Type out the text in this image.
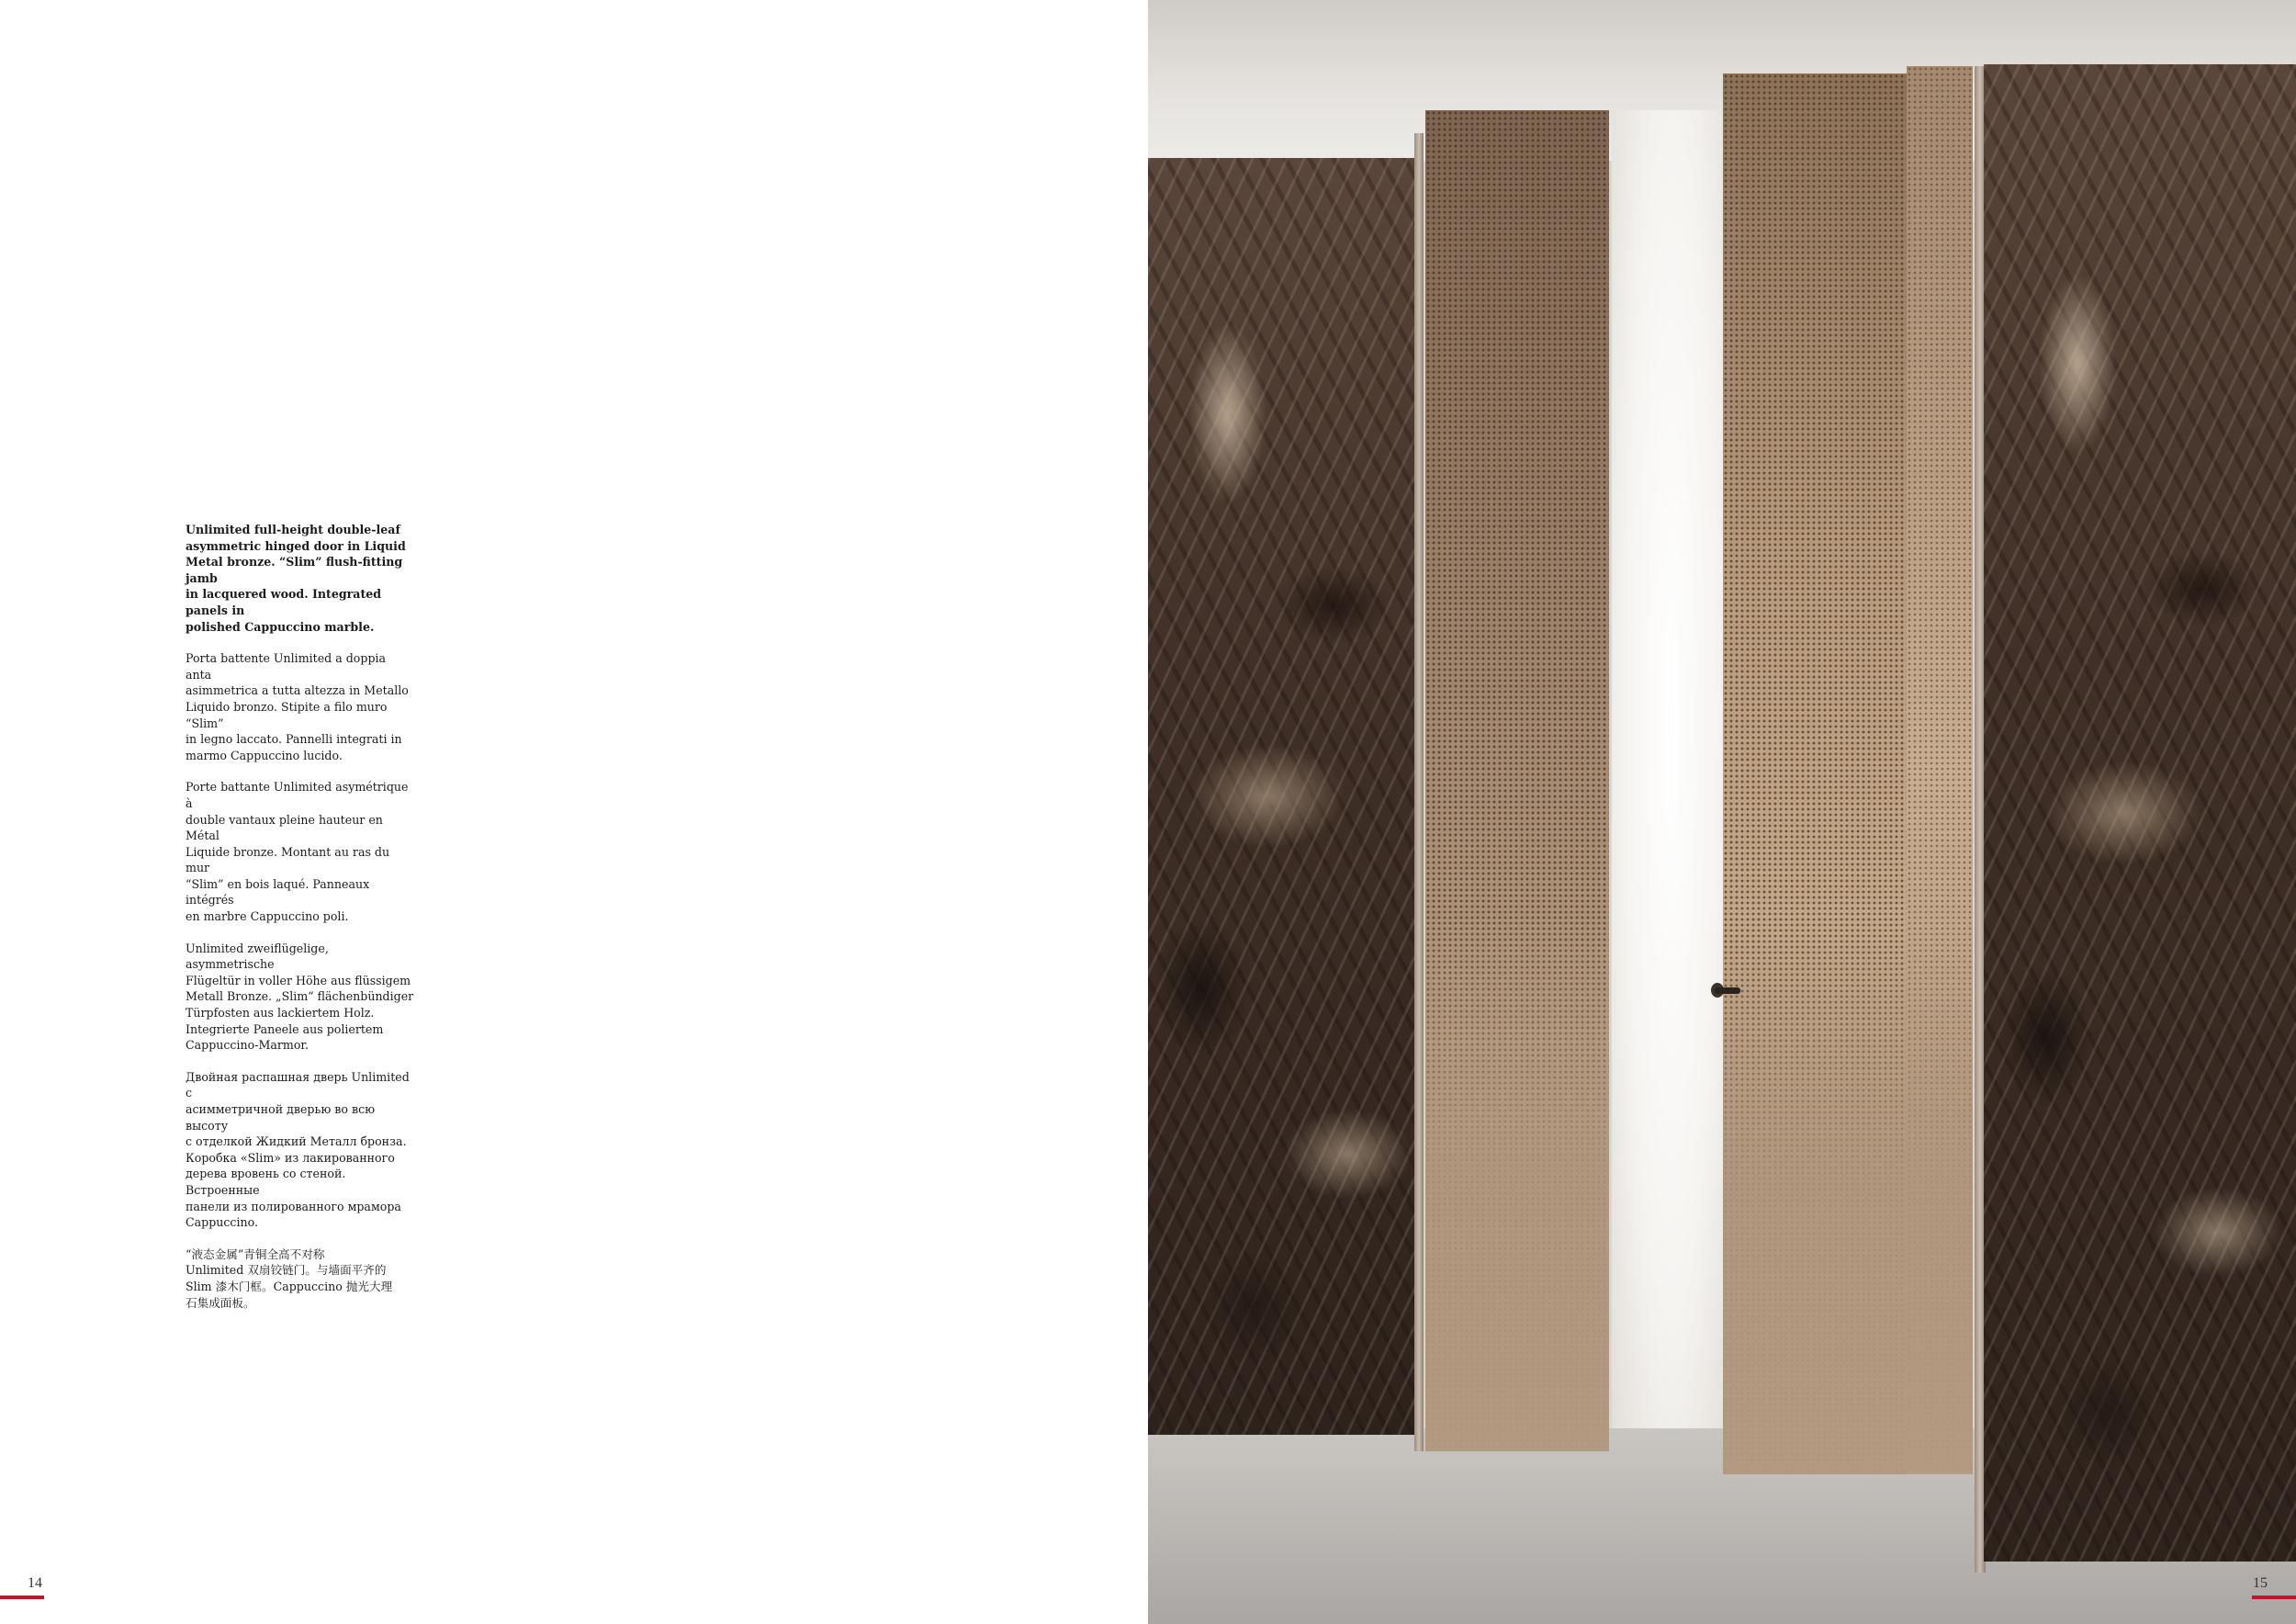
Unlimited full-height double-leaf
asymmetric hinged door in Liquid
Metal bronze. “Slim” flush-fitting jamb
in lacquered wood. Integrated panels in
polished Cappuccino marble.

Porta battente Unlimited a doppia anta
asimmetrica a tutta altezza in Metallo
Liquido bronzo. Stipite a filo muro “Slim”
in legno laccato. Pannelli integrati in
marmo Cappuccino lucido.

Porte battante Unlimited asymétrique à
double vantaux pleine hauteur en Métal
Liquide bronze. Montant au ras du mur
“Slim” en bois laqué. Panneaux intégrés
en marbre Cappuccino poli.

Unlimited zweiflügelige, asymmetrische
Flügeltür in voller Höhe aus flüssigem
Metall Bronze. „Slim“ flächenbündiger
Türpfosten aus lackiertem Holz.
Integrierte Paneele aus poliertem
Cappuccino-Marmor.

Двойная распашная дверь Unlimited с
асимметричной дверью во всю высоту
с отделкой Жидкий Металл бронза.
Коробка «Slim» из лакированного
дерева вровень со стеной. Встроенные
панели из полированного мрамора
Cappuccino.

“液态金属”青铜全高不对称
Unlimited 双扇铰链门。与墙面平齐的
Slim 漆木门框。Cappuccino 抛光大理
石集成面板。

14	15
